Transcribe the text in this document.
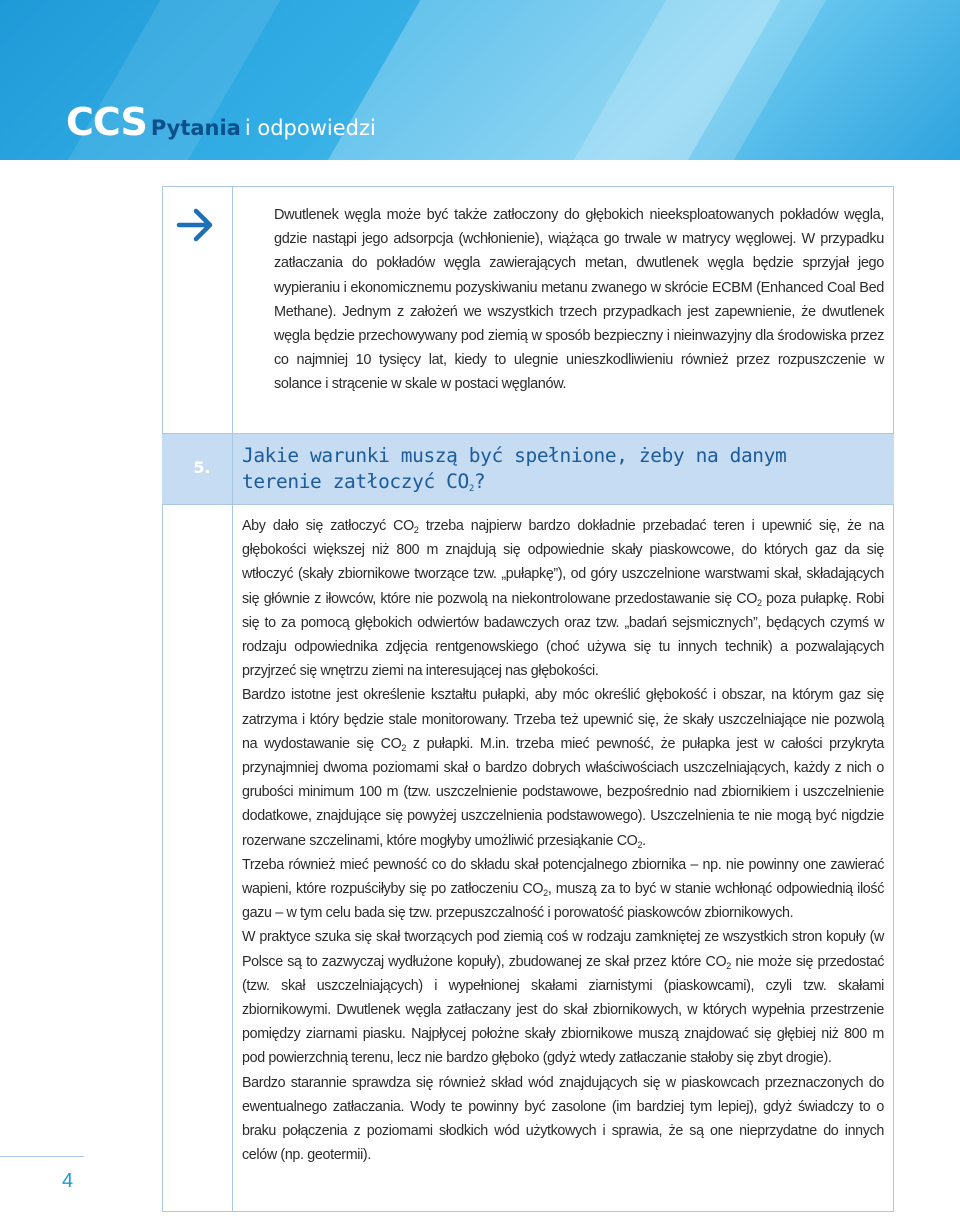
CCS Pytania i odpowiedzi

Dwutlenek węgla może być także zatłoczony do głębokich nieeksploatowanych pokładów węgla, gdzie nastąpi jego adsorpcja (wchłonienie), wiążąca go trwale w matrycy węglowej. W przypadku zatłaczania do pokładów węgla zawierających metan, dwutlenek węgla będzie sprzyjał jego wypieraniu i ekonomicznemu pozyskiwaniu metanu zwanego w skrócie ECBM (Enhanced Coal Bed Methane). Jednym z założeń we wszystkich trzech przypadkach jest zapewnienie, że dwutlenek węgla będzie przechowywany pod ziemią w sposób bezpieczny i nieinwazyjny dla środowiska przez co najmniej 10 tysięcy lat, kiedy to ulegnie unieszkodliwieniu również przez rozpuszczenie w solance i strącenie w skale w postaci węglanów.

5.
Jakie warunki muszą być spełnione, żeby na danym terenie zatłoczyć $CO_2$?

Aby dało się zatłoczyć $CO_2$ trzeba najpierw bardzo dokładnie przebadać teren i upewnić się, że na głębokości większej niż 800 m znajdują się odpowiednie skały piaskowcowe, do których gaz da się wtłoczyć (skały zbiornikowe tworzące tzw. „pułapkę”), od góry uszczelnione warstwami skał, składających się głównie z iłowców, które nie pozwolą na niekontrolowane przedostawanie się $CO_2$ poza pułapkę. Robi się to za pomocą głębokich odwiertów badawczych oraz tzw. „badań sejsmicznych”, będących czymś w rodzaju odpowiednika zdjęcia rentgenowskiego (choć używa się tu innych technik) a pozwalających przyjrzeć się wnętrzu ziemi na interesującej nas głębokości.

Bardzo istotne jest określenie kształtu pułapki, aby móc określić głębokość i obszar, na którym gaz się zatrzyma i który będzie stale monitorowany. Trzeba też upewnić się, że skały uszczelniające nie pozwolą na wydostawanie się $CO_2$ z pułapki. M.in. trzeba mieć pewność, że pułapka jest w całości przykryta przynajmniej dwoma poziomami skał o bardzo dobrych właściwościach uszczelniających, każdy z nich o grubości minimum 100 m (tzw. uszczelnienie podstawowe, bezpośrednio nad zbiornikiem i uszczelnienie dodatkowe, znajdujące się powyżej uszczelnienia podstawowego). Uszczelnienia te nie mogą być nigdzie rozerwane szczelinami, które mogłyby umożliwić przesiąkanie $CO_2$.

Trzeba również mieć pewność co do składu skał potencjalnego zbiornika – np. nie powinny one zawierać wapieni, które rozpuściłyby się po zatłoczeniu $CO_2$, muszą za to być w stanie wchłonąć odpowiednią ilość gazu – w tym celu bada się tzw. przepuszczalność i porowatość piaskowców zbiornikowych.

W praktyce szuka się skał tworzących pod ziemią coś w rodzaju zamkniętej ze wszystkich stron kopuły (w Polsce są to zazwyczaj wydłużone kopuły), zbudowanej ze skał przez które $CO_2$ nie może się przedostać (tzw. skał uszczelniających) i wypełnionej skałami ziarnistymi (piaskowcami), czyli tzw. skałami zbiornikowymi. Dwutlenek węgla zatłaczany jest do skał zbiornikowych, w których wypełnia przestrzenie pomiędzy ziarnami piasku. Najpłycej położne skały zbiornikowe muszą znajdować się głębiej niż 800 m pod powierzchnią terenu, lecz nie bardzo głęboko (gdyż wtedy zatłaczanie stałoby się zbyt drogie).

Bardzo starannie sprawdza się również skład wód znajdujących się w piaskowcach przeznaczonych do ewentualnego zatłaczania. Wody te powinny być zasolone (im bardziej tym lepiej), gdyż świadczy to o braku połączenia z poziomami słodkich wód użytkowych i sprawia, że są one nieprzydatne do innych celów (np. geotermii).

4
